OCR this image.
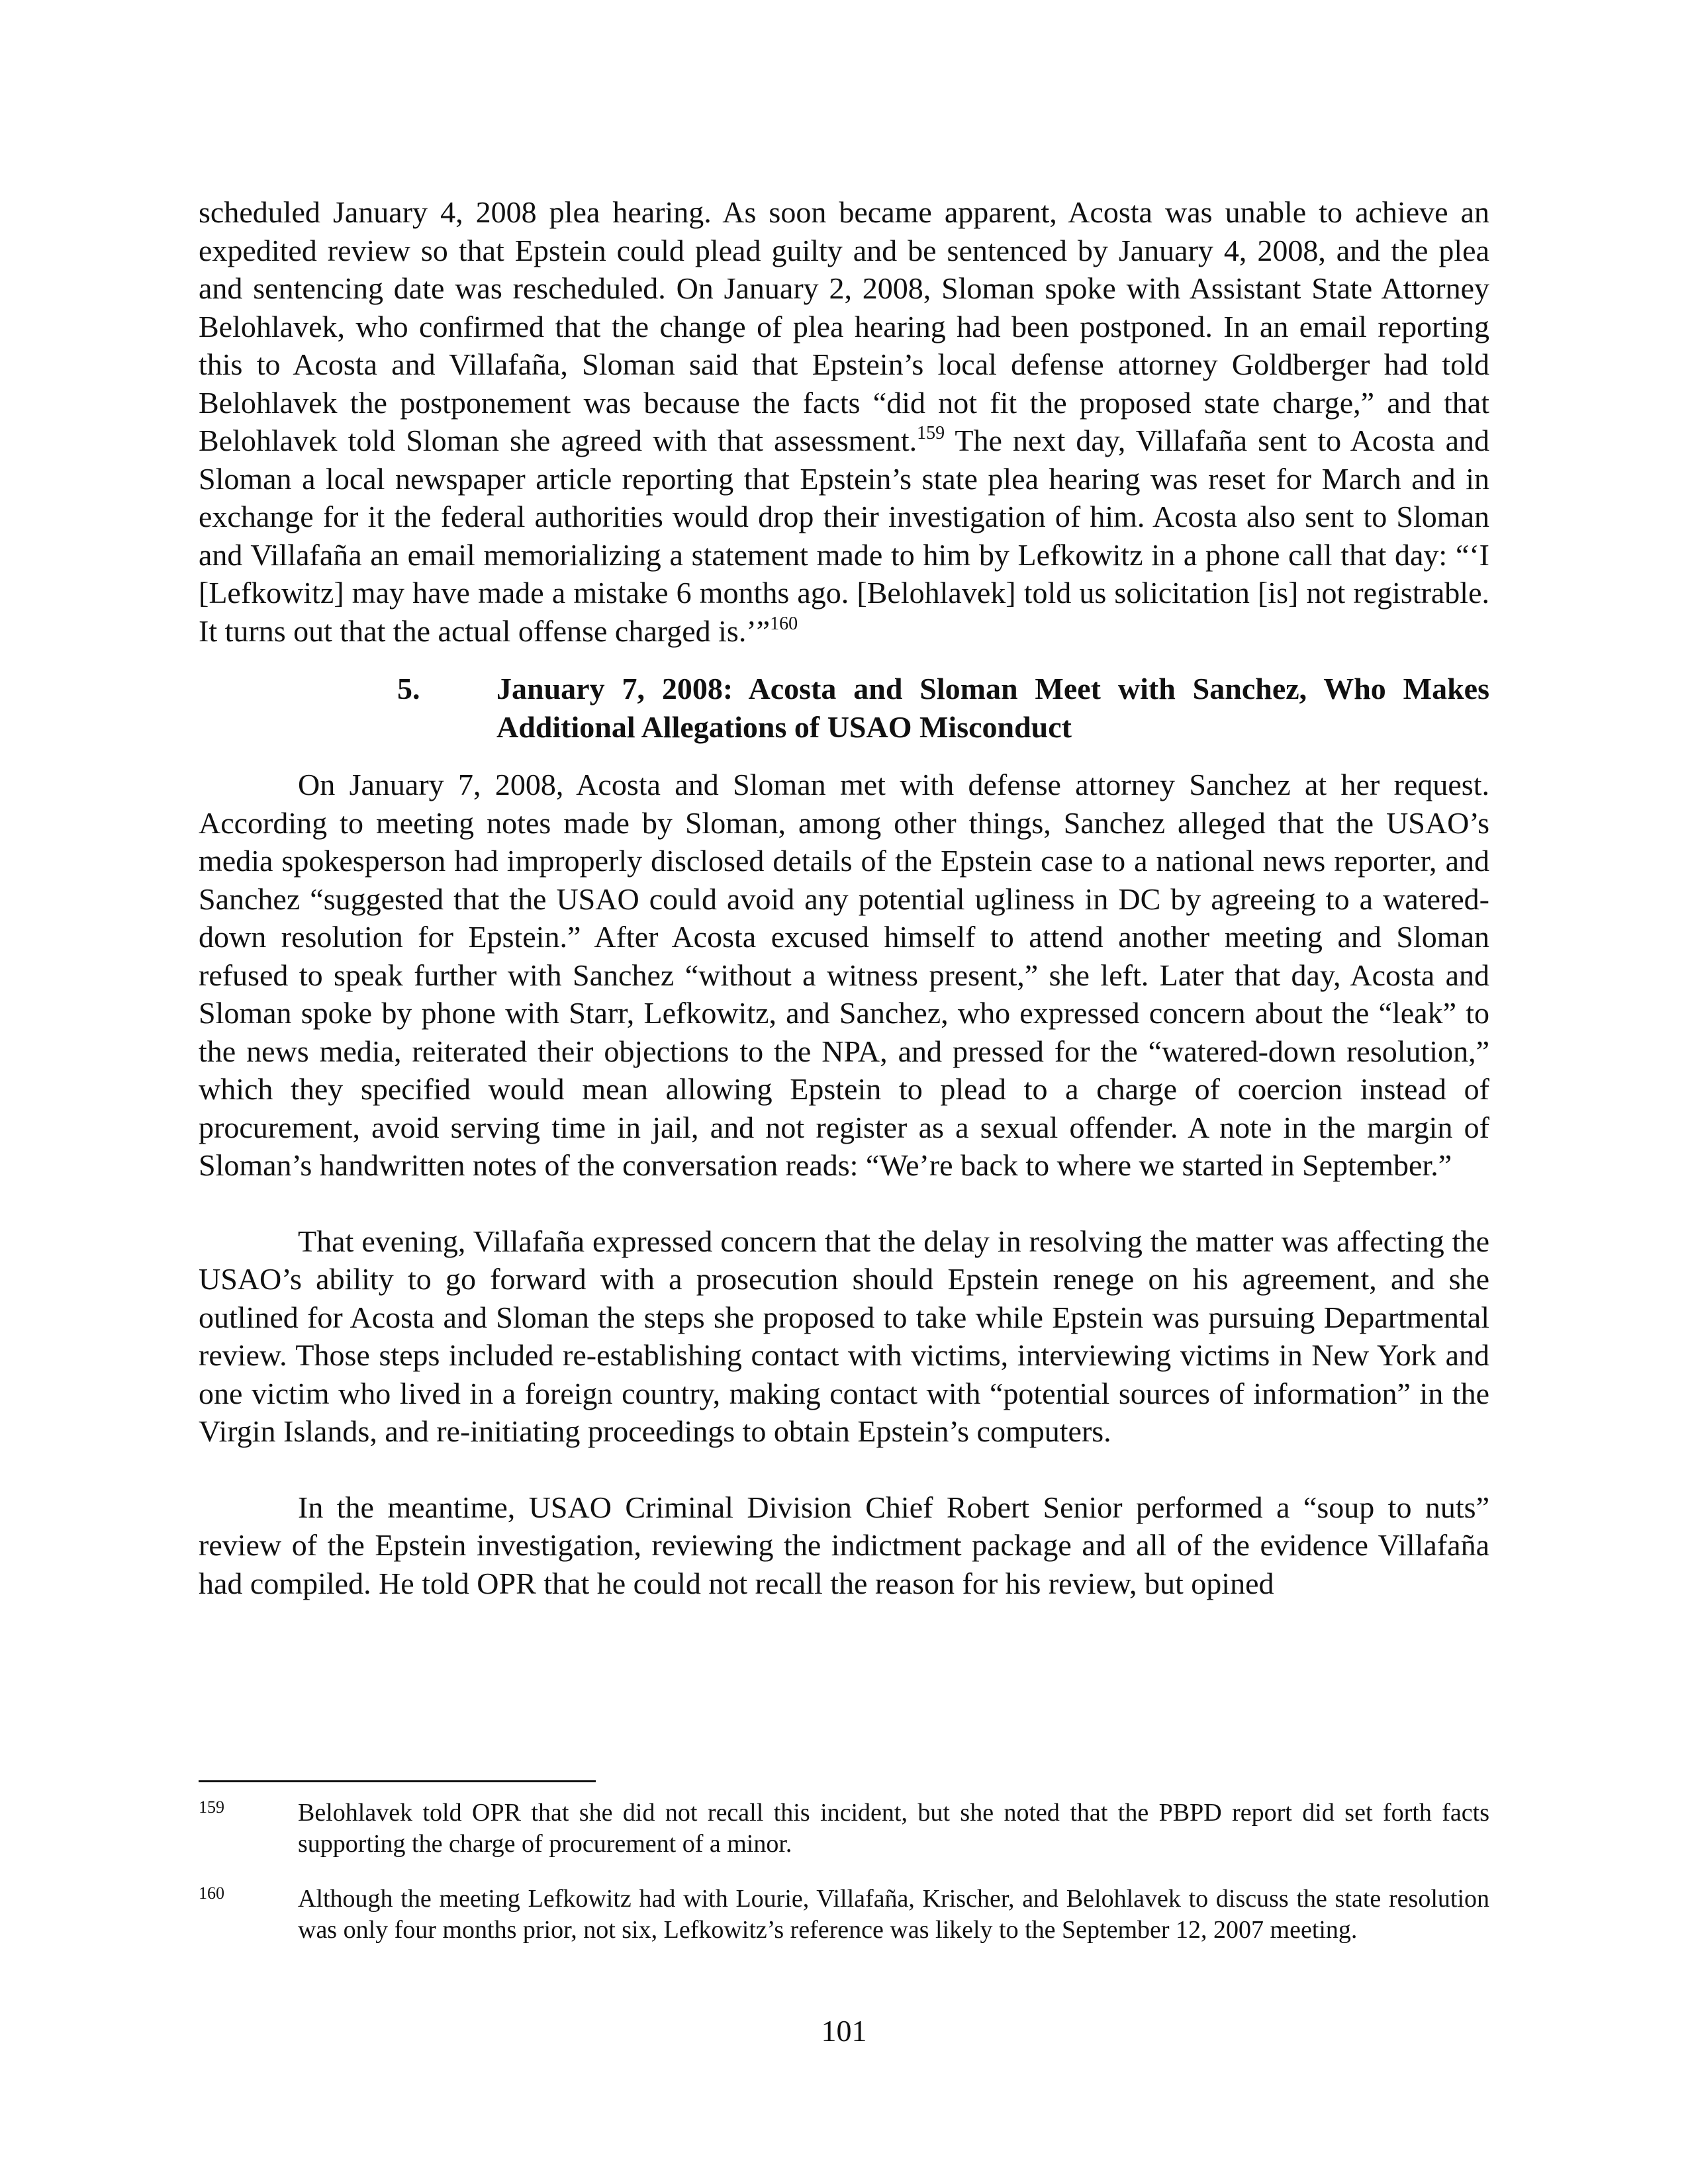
scheduled January 4, 2008 plea hearing. As soon became apparent, Acosta was unable to achieve an expedited review so that Epstein could plead guilty and be sentenced by January 4, 2008, and the plea and sentencing date was rescheduled. On January 2, 2008, Sloman spoke with Assistant State Attorney Belohlavek, who confirmed that the change of plea hearing had been postponed. In an email reporting this to Acosta and Villafaña, Sloman said that Epstein’s local defense attorney Goldberger had told Belohlavek the postponement was because the facts “did not fit the proposed state charge,” and that Belohlavek told Sloman she agreed with that assessment.$^{159}$ The next day, Villafaña sent to Acosta and Sloman a local newspaper article reporting that Epstein’s state plea hearing was reset for March and in exchange for it the federal authorities would drop their investigation of him. Acosta also sent to Sloman and Villafaña an email memorializing a statement made to him by Lefkowitz in a phone call that day: “‘I [Lefkowitz] may have made a mistake 6 months ago. [Belohlavek] told us solicitation [is] not registrable. It turns out that the actual offense charged is.’”$^{160}$

5.	January 7, 2008: Acosta and Sloman Meet with Sanchez, Who Makes Additional Allegations of USAO Misconduct

On January 7, 2008, Acosta and Sloman met with defense attorney Sanchez at her request. According to meeting notes made by Sloman, among other things, Sanchez alleged that the USAO’s media spokesperson had improperly disclosed details of the Epstein case to a national news reporter, and Sanchez “suggested that the USAO could avoid any potential ugliness in DC by agreeing to a watered-down resolution for Epstein.” After Acosta excused himself to attend another meeting and Sloman refused to speak further with Sanchez “without a witness present,” she left. Later that day, Acosta and Sloman spoke by phone with Starr, Lefkowitz, and Sanchez, who expressed concern about the “leak” to the news media, reiterated their objections to the NPA, and pressed for the “watered-down resolution,” which they specified would mean allowing Epstein to plead to a charge of coercion instead of procurement, avoid serving time in jail, and not register as a sexual offender. A note in the margin of Sloman’s handwritten notes of the conversation reads: “We’re back to where we started in September.”

That evening, Villafaña expressed concern that the delay in resolving the matter was affecting the USAO’s ability to go forward with a prosecution should Epstein renege on his agreement, and she outlined for Acosta and Sloman the steps she proposed to take while Epstein was pursuing Departmental review. Those steps included re-establishing contact with victims, interviewing victims in New York and one victim who lived in a foreign country, making contact with “potential sources of information” in the Virgin Islands, and re-initiating proceedings to obtain Epstein’s computers.

In the meantime, USAO Criminal Division Chief Robert Senior performed a “soup to nuts” review of the Epstein investigation, reviewing the indictment package and all of the evidence Villafaña had compiled. He told OPR that he could not recall the reason for his review, but opined

159	Belohlavek told OPR that she did not recall this incident, but she noted that the PBPD report did set forth facts supporting the charge of procurement of a minor.
160	Although the meeting Lefkowitz had with Lourie, Villafaña, Krischer, and Belohlavek to discuss the state resolution was only four months prior, not six, Lefkowitz’s reference was likely to the September 12, 2007 meeting.
101
